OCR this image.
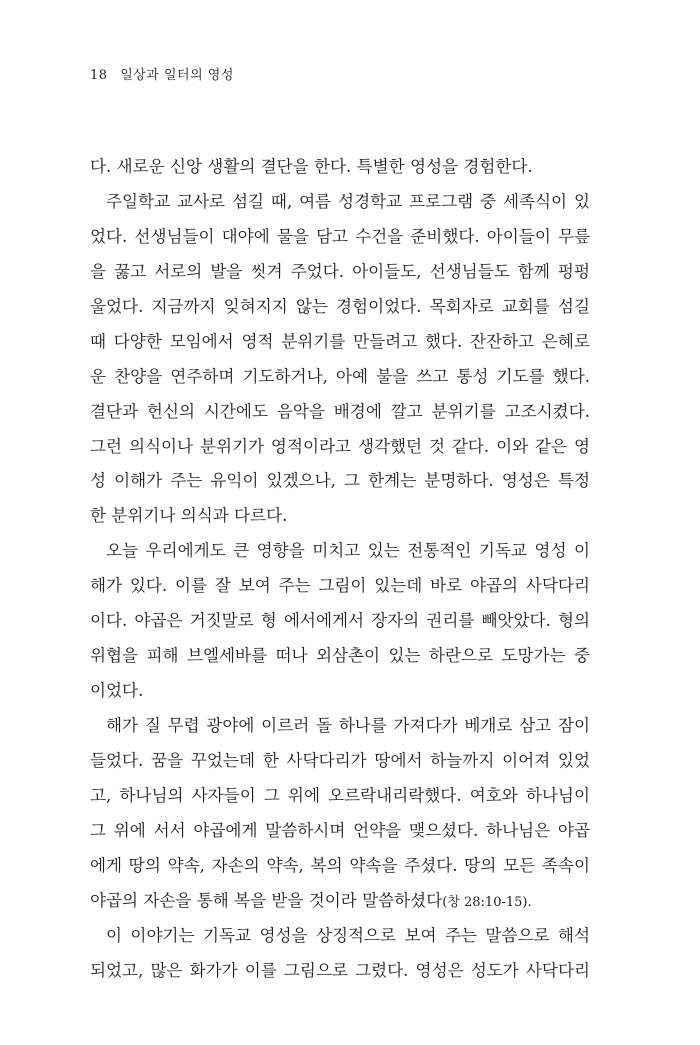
18 일상과 일터의 영성
다. 새로운 신앙 생활의 결단을 한다. 특별한 영성을 경험한다.
주일학교 교사로 섬길 때, 여름 성경학교 프로그램 중 세족식이 있
었다. 선생님들이 대야에 물을 담고 수건을 준비했다. 아이들이 무릎
을 꿇고 서로의 발을 씻겨 주었다. 아이들도, 선생님들도 함께 펑펑
울었다. 지금까지 잊혀지지 않는 경험이었다. 목회자로 교회를 섬길
때 다양한 모임에서 영적 분위기를 만들려고 했다. 잔잔하고 은혜로
운 찬양을 연주하며 기도하거나, 아예 불을 쓰고 통성 기도를 했다.
결단과 헌신의 시간에도 음악을 배경에 깔고 분위기를 고조시켰다.
그런 의식이나 분위기가 영적이라고 생각했던 것 같다. 이와 같은 영
성 이해가 주는 유익이 있겠으나, 그 한계는 분명하다. 영성은 특정
한 분위기나 의식과 다르다.
오늘 우리에게도 큰 영향을 미치고 있는 전통적인 기독교 영성 이
해가 있다. 이를 잘 보여 주는 그림이 있는데 바로 야곱의 사닥다리
이다. 야곱은 거짓말로 형 에서에게서 장자의 권리를 빼앗았다. 형의
위협을 피해 브엘세바를 떠나 외삼촌이 있는 하란으로 도망가는 중
이었다.
해가 질 무렵 광야에 이르러 돌 하나를 가져다가 베개로 삼고 잠이
들었다. 꿈을 꾸었는데 한 사닥다리가 땅에서 하늘까지 이어져 있었
고, 하나님의 사자들이 그 위에 오르락내리락했다. 여호와 하나님이
그 위에 서서 야곱에게 말씀하시며 언약을 맺으셨다. 하나님은 야곱
에게 땅의 약속, 자손의 약속, 복의 약속을 주셨다. 땅의 모든 족속이
야곱의 자손을 통해 복을 받을 것이라 말씀하셨다(창 28:10-15).
이 이야기는 기독교 영성을 상징적으로 보여 주는 말씀으로 해석
되었고, 많은 화가가 이를 그림으로 그렸다. 영성은 성도가 사닥다리
